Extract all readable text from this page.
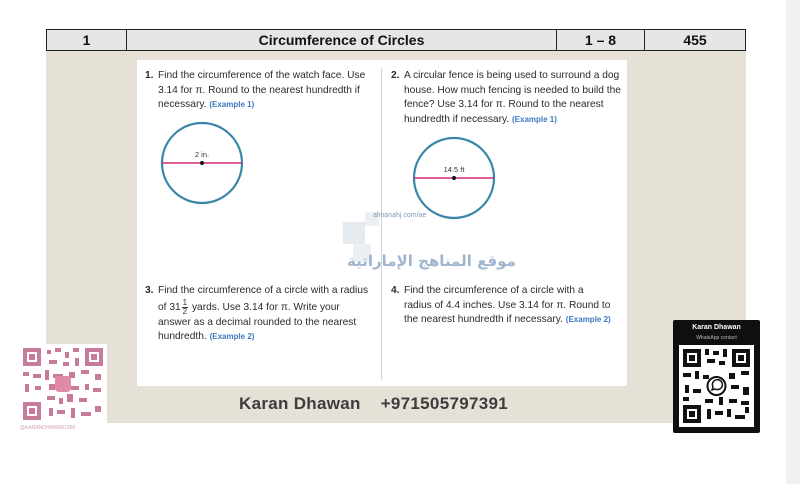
1	Circumference of Circles	1 – 8	455
1. Find the circumference of the watch face. Use 3.14 for π. Round to the nearest hundredth if necessary. (Example 1)
2 in.
2. A circular fence is being used to surround a dog house. How much fencing is needed to build the fence? Use 3.14 for π. Round to the nearest hundredth if necessary. (Example 1)
14.5 ft
3. Find the circumference of a circle with a radius of $31 \frac{1}{2}$ yards. Use 3.14 for π. Write your answer as a decimal rounded to the nearest hundredth. (Example 2)
4. Find the circumference of a circle with a radius of 4.4 inches. Use 3.14 for π. Round to the nearest hundredth if necessary. (Example 2)
almanahj.com/ae
موقع المناهج الإماراتية
Karan Dhawan +971505797391
@KARANDHAWAN1966
Karan Dhawan
WhatsApp contact
